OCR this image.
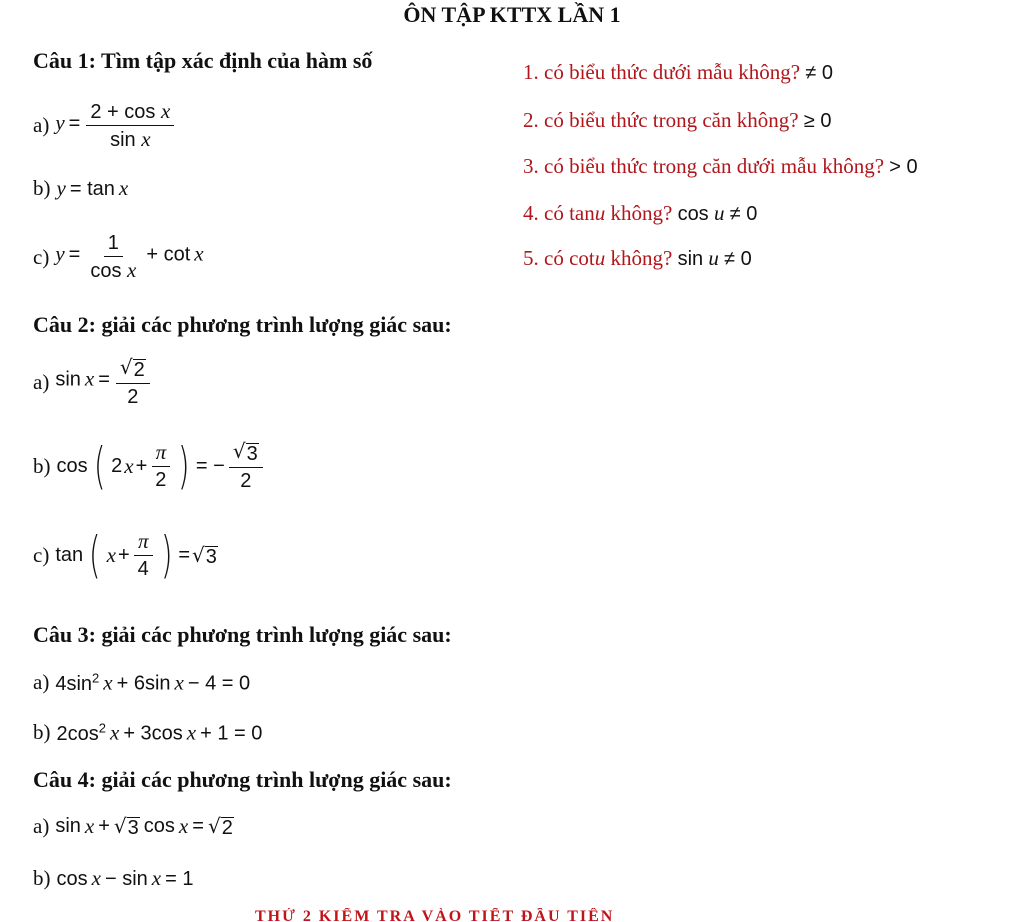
ÔN TẬP KTTX LẦN 1
Câu 1: Tìm tập xác định của hàm số
a) $y = \frac{\text{2 + cos x}}{\text{sin x}}$
b) y = tan x
c) $y = \frac{1}{\text{cos x}} + \cot x$
1. có biểu thức dưới mẫu không? ≠ 0
2. có biểu thức trong căn không? ≥ 0
3. có biểu thức trong căn dưới mẫu không? > 0
4. có tanu không? cos u ≠ 0
5. có cotu không? sin u ≠ 0
Câu 2: giải các phương trình lượng giác sau:
a) $\sin x = \frac{√ 2}{2}$
b) cos ( 2 $x + \frac{\pi}{2}$ ) = − $\frac{√ 3}{2}$
c) tan ( $x + \frac{\pi}{4}$ ) = √ 3
Câu 3: giải các phương trình lượng giác sau:
a) $4\sin^2$ x + 6sin x − 4 = 0
b) $2\cos^2$ x + 3cos x + 1 = 0
Câu 4: giải các phương trình lượng giác sau:
a) sin x + √ 3 cos x = √ 2
b) cos x − sin x = 1
THỨ 2 KIỂM TRA VÀO TIẾT ĐẦU TIÊN
